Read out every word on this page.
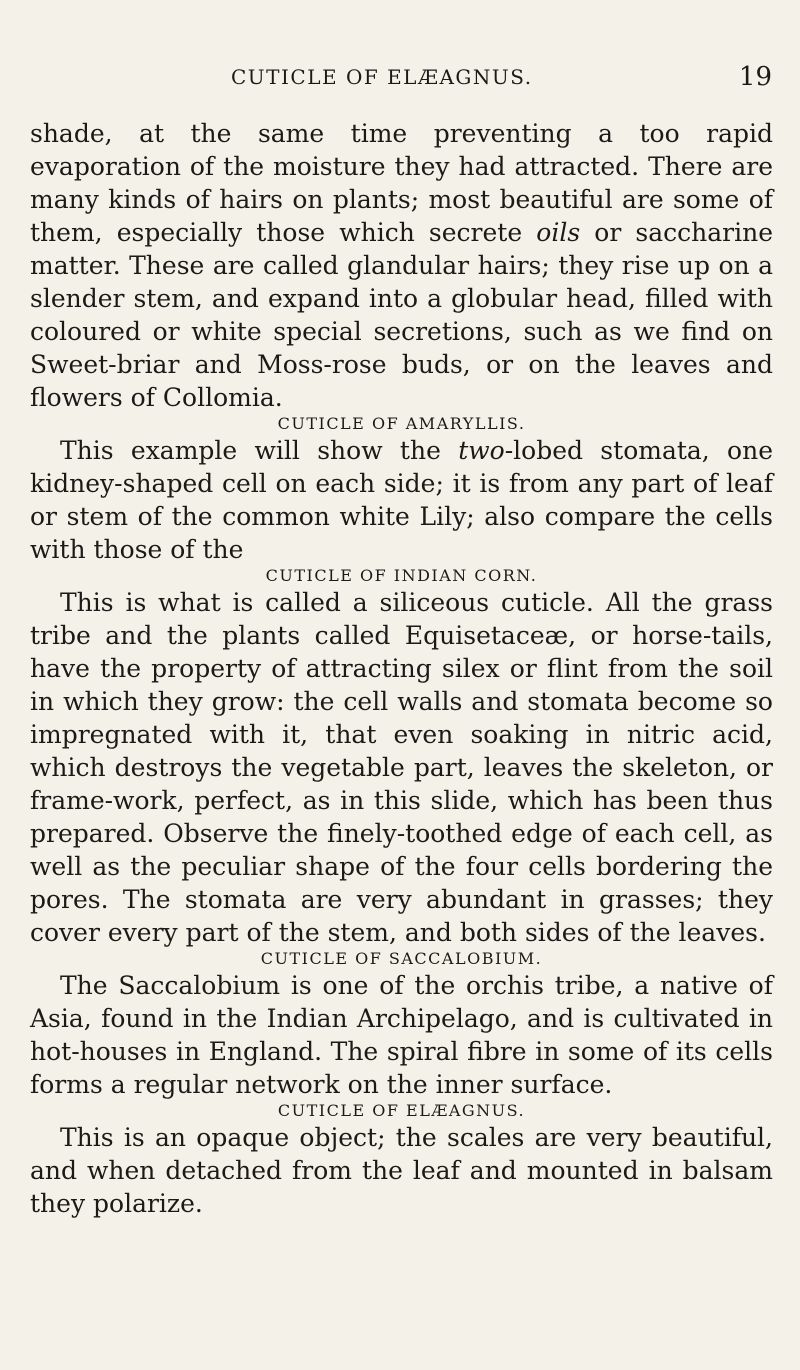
CUTICLE OF ELÆAGNUS.	19

shade, at the same time preventing a too rapid evaporation of the moisture they had attracted. There are many kinds of hairs on plants; most beautiful are some of them, especially those which secrete oils or saccharine matter. These are called glandular hairs; they rise up on a slender stem, and expand into a globular head, filled with coloured or white special secretions, such as we find on Sweet-briar and Moss-rose buds, or on the leaves and flowers of Collomia.

CUTICLE OF AMARYLLIS.

This example will show the two-lobed stomata, one kidney-shaped cell on each side; it is from any part of leaf or stem of the common white Lily; also compare the cells with those of the

CUTICLE OF INDIAN CORN.

This is what is called a siliceous cuticle. All the grass tribe and the plants called Equisetaceæ, or horse-tails, have the property of attracting silex or flint from the soil in which they grow: the cell walls and stomata become so impregnated with it, that even soaking in nitric acid, which destroys the vegetable part, leaves the skeleton, or frame-work, perfect, as in this slide, which has been thus prepared. Observe the finely-toothed edge of each cell, as well as the peculiar shape of the four cells bordering the pores. The stomata are very abundant in grasses; they cover every part of the stem, and both sides of the leaves.

CUTICLE OF SACCALOBIUM.

The Saccalobium is one of the orchis tribe, a native of Asia, found in the Indian Archipelago, and is cultivated in hot-houses in England. The spiral fibre in some of its cells forms a regular network on the inner surface.

CUTICLE OF ELÆAGNUS.

This is an opaque object; the scales are very beautiful, and when detached from the leaf and mounted in balsam they polarize.
